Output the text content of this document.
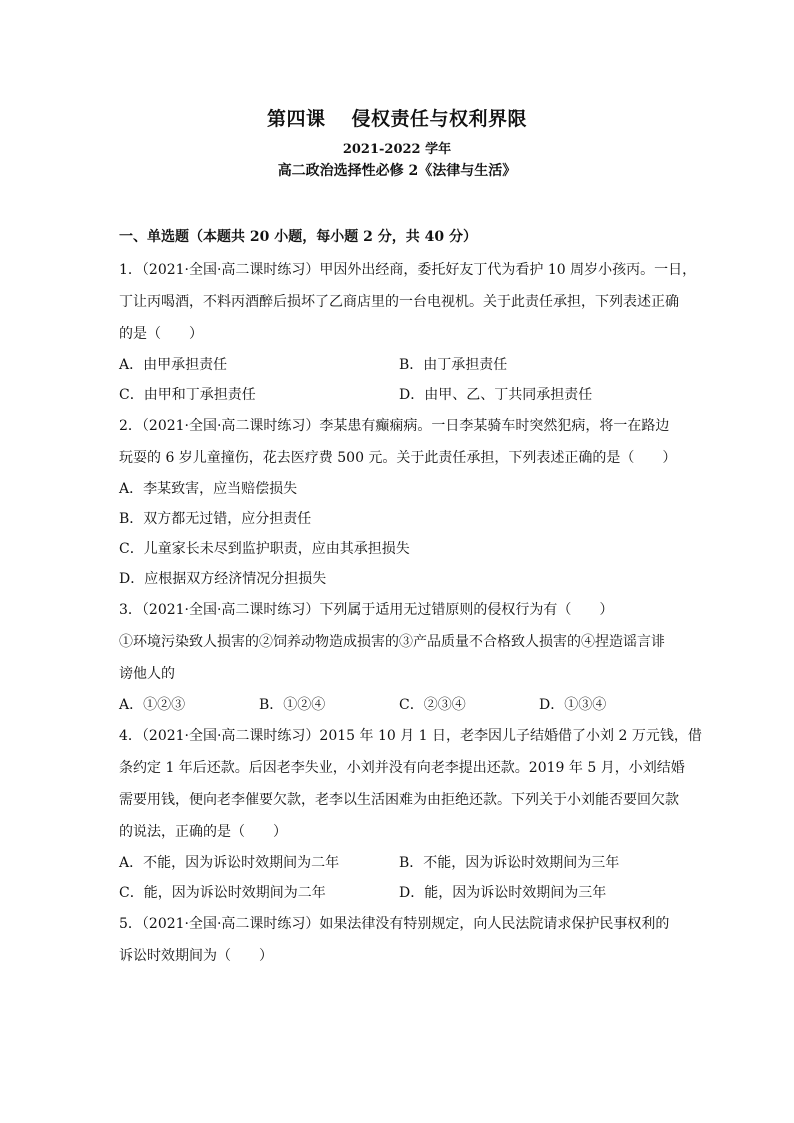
第四课 侵权责任与权利界限
2021-2022 学年
高二政治选择性必修 2《法律与生活》
一、单选题（本题共 20 小题，每小题 2 分，共 40 分）
1．（2021·全国·高二课时练习）甲因外出经商，委托好友丁代为看护 10 周岁小孩丙。一日，
丁让丙喝酒，不料丙酒醉后损坏了乙商店里的一台电视机。关于此责任承担，下列表述正确
的是（　　）
A．由甲承担责任	B．由丁承担责任
C．由甲和丁承担责任	D．由甲、乙、丁共同承担责任
2．（2021·全国·高二课时练习）李某患有癫痫病。一日李某骑车时突然犯病，将一在路边
玩耍的 6 岁儿童撞伤，花去医疗费 500 元。关于此责任承担，下列表述正确的是（　　）
A．李某致害，应当赔偿损失
B．双方都无过错，应分担责任
C．儿童家长未尽到监护职责，应由其承担损失
D．应根据双方经济情况分担损失
3．（2021·全国·高二课时练习）下列属于适用无过错原则的侵权行为有（　　）
①环境污染致人损害的②饲养动物造成损害的③产品质量不合格致人损害的④捏造谣言诽
谤他人的
A．①②③	B．①②④	C．②③④	D．①③④
4．（2021·全国·高二课时练习）2015 年 10 月 1 日，老李因儿子结婚借了小刘 2 万元钱，借
条约定 1 年后还款。后因老李失业，小刘并没有向老李提出还款。2019 年 5 月，小刘结婚
需要用钱，便向老李催要欠款，老李以生活困难为由拒绝还款。下列关于小刘能否要回欠款
的说法，正确的是（　　）
A．不能，因为诉讼时效期间为二年	B．不能，因为诉讼时效期间为三年
C．能，因为诉讼时效期间为二年	D．能，因为诉讼时效期间为三年
5．（2021·全国·高二课时练习）如果法律没有特别规定，向人民法院请求保护民事权利的
诉讼时效期间为（　　）
